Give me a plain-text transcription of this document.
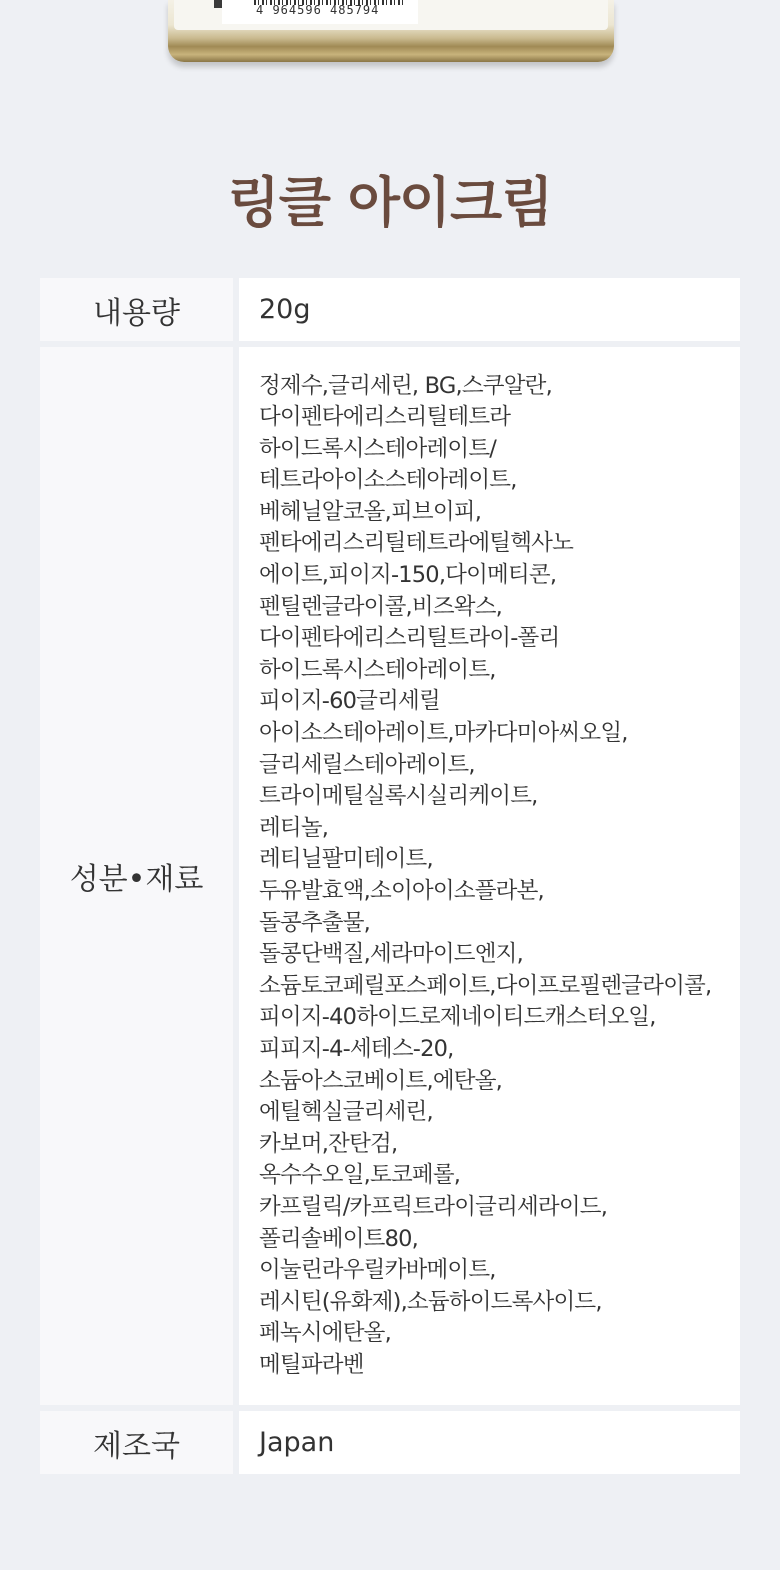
4 964596 485794
링클 아이크림
내용량	20g
성분•재료
정제수,글리세린, BG,스쿠알란,
다이펜타에리스리틸테트라
하이드록시스테아레이트/
테트라아이소스테아레이트,
베헤닐알코올,피브이피,
펜타에리스리틸테트라에틸헥사노
에이트,피이지-150,다이메티콘,
펜틸렌글라이콜,비즈왁스,
다이펜타에리스리틸트라이-폴리
하이드록시스테아레이트,
피이지-60글리세릴
아이소스테아레이트,마카다미아씨오일,
글리세릴스테아레이트,
트라이메틸실록시실리케이트,
레티놀,
레티닐팔미테이트,
두유발효액,소이아이소플라본,
돌콩추출물,
돌콩단백질,세라마이드엔지,
소듐토코페릴포스페이트,다이프로필렌글라이콜,
피이지-40하이드로제네이티드캐스터오일,
피피지-4-세테스-20,
소듐아스코베이트,에탄올,
에틸헥실글리세린,
카보머,잔탄검,
옥수수오일,토코페롤,
카프릴릭/카프릭트라이글리세라이드,
폴리솔베이트80,
이눌린라우릴카바메이트,
레시틴(유화제),소듐하이드록사이드,
페녹시에탄올,
메틸파라벤
제조국	Japan
